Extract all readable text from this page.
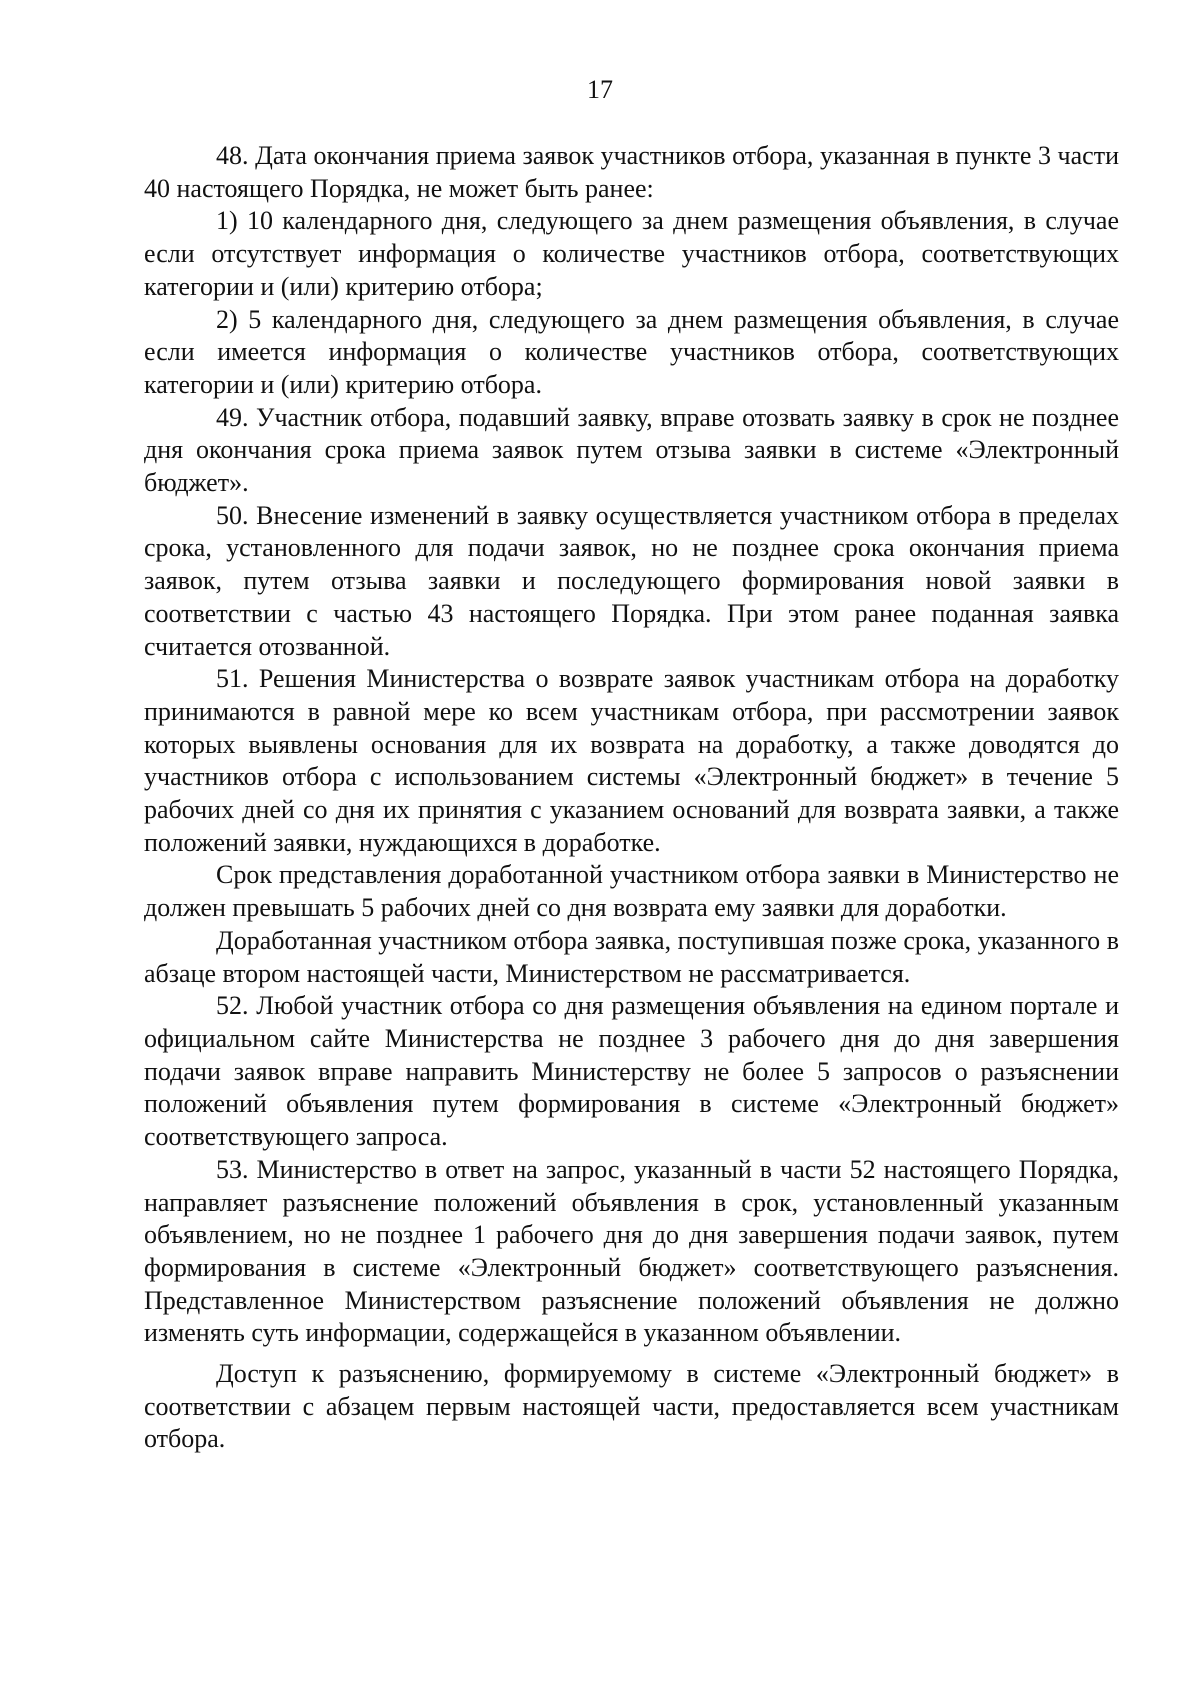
17

48. Дата окончания приема заявок участников отбора, указанная в пункте 3 части 40 настоящего Порядка, не может быть ранее:

1) 10 календарного дня, следующего за днем размещения объявления, в случае если отсутствует информация о количестве участников отбора, соответствующих категории и (или) критерию отбора;

2) 5 календарного дня, следующего за днем размещения объявления, в случае если имеется информация о количестве участников отбора, соответствующих категории и (или) критерию отбора.

49. Участник отбора, подавший заявку, вправе отозвать заявку в срок не позднее дня окончания срока приема заявок путем отзыва заявки в системе «Электронный бюджет».

50. Внесение изменений в заявку осуществляется участником отбора в пределах срока, установленного для подачи заявок, но не позднее срока окончания приема заявок, путем отзыва заявки и последующего формирования новой заявки в соответствии с частью 43 настоящего Порядка. При этом ранее поданная заявка считается отозванной.

51. Решения Министерства о возврате заявок участникам отбора на доработку принимаются в равной мере ко всем участникам отбора, при рассмотрении заявок которых выявлены основания для их возврата на доработку, а также доводятся до участников отбора с использованием системы «Электронный бюджет» в течение 5 рабочих дней со дня их принятия с указанием оснований для возврата заявки, а также положений заявки, нуждающихся в доработке.

Срок представления доработанной участником отбора заявки в Министерство не должен превышать 5 рабочих дней со дня возврата ему заявки для доработки.

Доработанная участником отбора заявка, поступившая позже срока, указанного в абзаце втором настоящей части, Министерством не рассматривается.

52. Любой участник отбора со дня размещения объявления на едином портале и официальном сайте Министерства не позднее 3 рабочего дня до дня завершения подачи заявок вправе направить Министерству не более 5 запросов о разъяснении положений объявления путем формирования в системе «Электронный бюджет» соответствующего запроса.

53. Министерство в ответ на запрос, указанный в части 52 настоящего Порядка, направляет разъяснение положений объявления в срок, установленный указанным объявлением, но не позднее 1 рабочего дня до дня завершения подачи заявок, путем формирования в системе «Электронный бюджет» соответствующего разъяснения. Представленное Министерством разъяснение положений объявления не должно изменять суть информации, содержащейся в указанном объявлении.

Доступ к разъяснению, формируемому в системе «Электронный бюджет» в соответствии с абзацем первым настоящей части, предоставляется всем участникам отбора.
